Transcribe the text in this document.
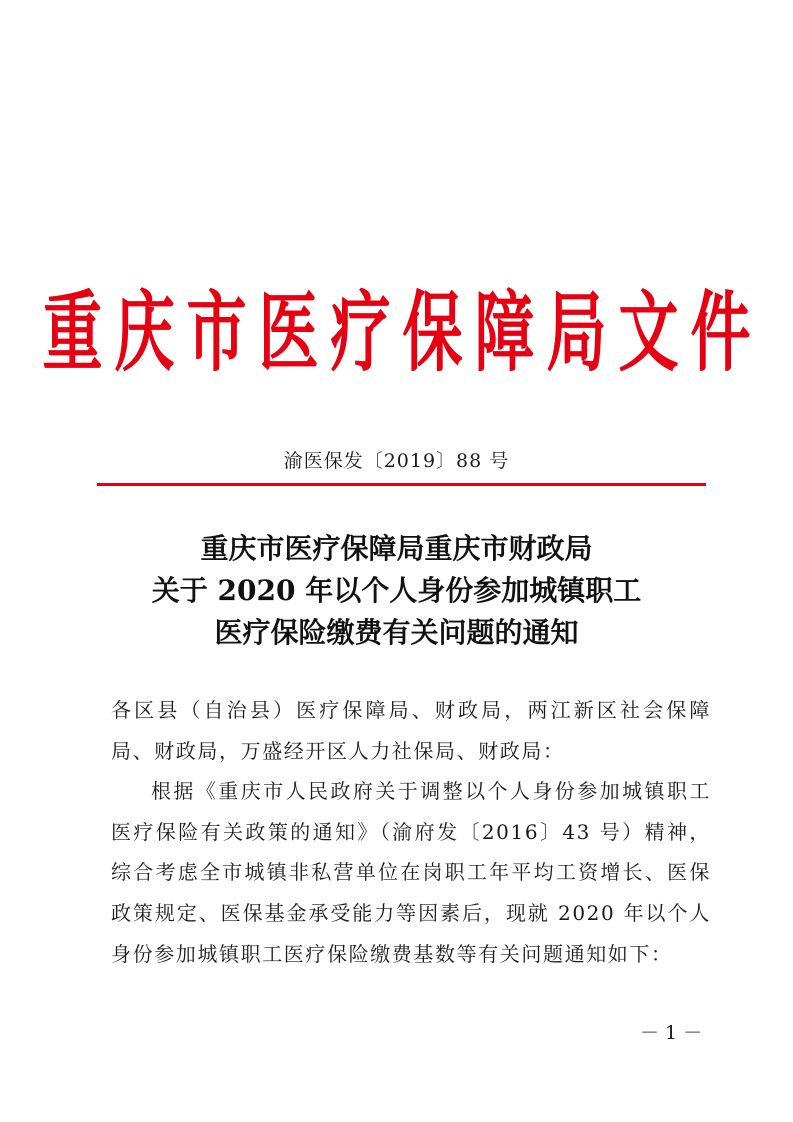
重庆市医疗保障局文件
渝医保发〔2019〕88 号
重庆市医疗保障局重庆市财政局
关于 2020 年以个人身份参加城镇职工
医疗保险缴费有关问题的通知

各区县（自治县）医疗保障局、财政局，两江新区社会保障局、财政局，万盛经开区人力社保局、财政局：

根据《重庆市人民政府关于调整以个人身份参加城镇职工医疗保险有关政策的通知》（渝府发〔2016〕43 号）精神，综合考虑全市城镇非私营单位在岗职工年平均工资增长、医保政策规定、医保基金承受能力等因素后，现就 2020 年以个人身份参加城镇职工医疗保险缴费基数等有关问题通知如下：

－ 1 －
